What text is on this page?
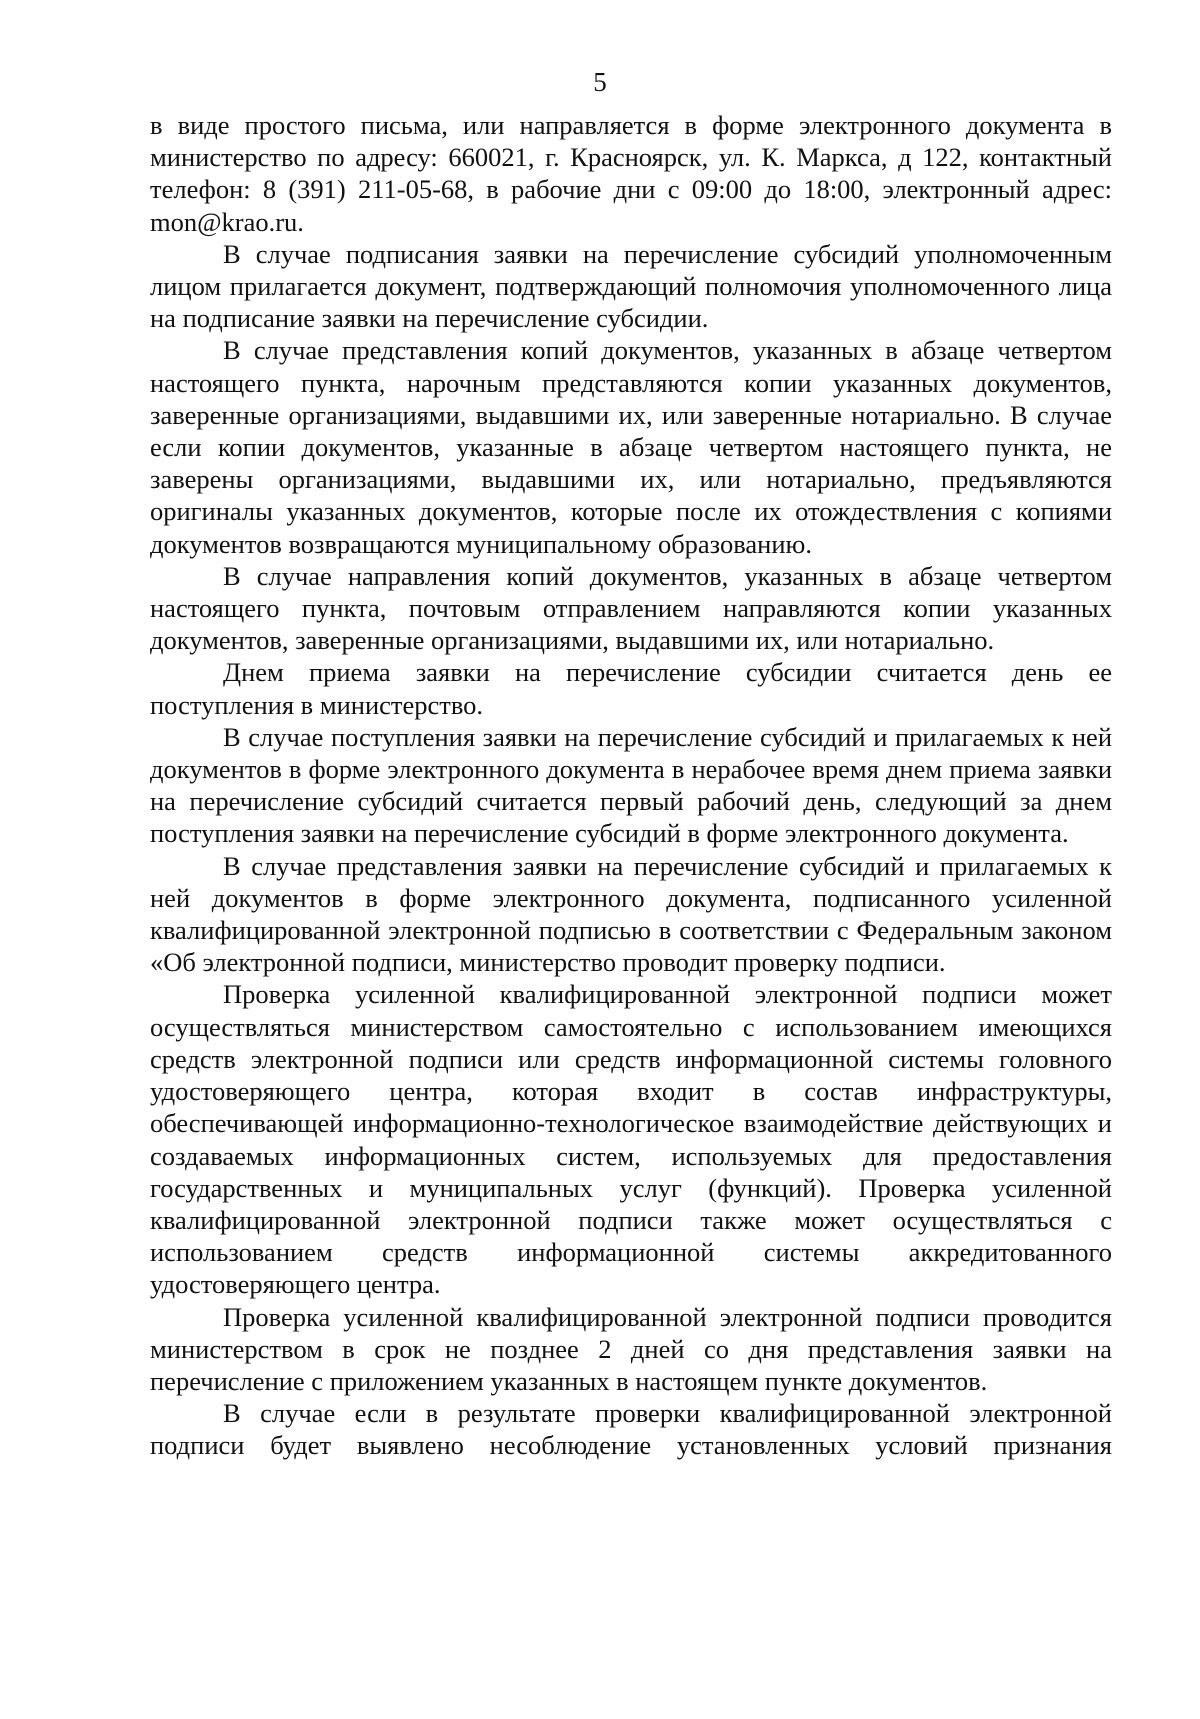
5

в виде простого письма, или направляется в форме электронного документа в министерство по адресу: 660021, г. Красноярск, ул. К. Маркса, д 122, контактный телефон: 8 (391) 211-05-68, в рабочие дни с 09:00 до 18:00, электронный адрес: mon@krao.ru.

В случае подписания заявки на перечисление субсидий уполномоченным лицом прилагается документ, подтверждающий полномочия уполномоченного лица на подписание заявки на перечисление субсидии.

В случае представления копий документов, указанных в абзаце четвертом настоящего пункта, нарочным представляются копии указанных документов, заверенные организациями, выдавшими их, или заверенные нотариально. В случае если копии документов, указанные в абзаце четвертом настоящего пункта, не заверены организациями, выдавшими их, или нотариально, предъявляются оригиналы указанных документов, которые после их отождествления с копиями документов возвращаются муниципальному образованию.

В случае направления копий документов, указанных в абзаце четвертом настоящего пункта, почтовым отправлением направляются копии указанных документов, заверенные организациями, выдавшими их, или нотариально.

Днем приема заявки на перечисление субсидии считается день ее поступления в министерство.

В случае поступления заявки на перечисление субсидий и прилагаемых к ней документов в форме электронного документа в нерабочее время днем приема заявки на перечисление субсидий считается первый рабочий день, следующий за днем поступления заявки на перечисление субсидий в форме электронного документа.

В случае представления заявки на перечисление субсидий и прилагаемых к ней документов в форме электронного документа, подписанного усиленной квалифицированной электронной подписью в соответствии с Федеральным законом «Об электронной подписи, министерство проводит проверку подписи.

Проверка усиленной квалифицированной электронной подписи может осуществляться министерством самостоятельно с использованием имеющихся средств электронной подписи или средств информационной системы головного удостоверяющего центра, которая входит в состав инфраструктуры, обеспечивающей информационно-технологическое взаимодействие действующих и создаваемых информационных систем, используемых для предоставления государственных и муниципальных услуг (функций). Проверка усиленной квалифицированной электронной подписи также может осуществляться с использованием средств информационной системы аккредитованного удостоверяющего центра.

Проверка усиленной квалифицированной электронной подписи проводится министерством в срок не позднее 2 дней со дня представления заявки на перечисление с приложением указанных в настоящем пункте документов.

В случае если в результате проверки квалифицированной электронной подписи будет выявлено несоблюдение установленных условий признания
